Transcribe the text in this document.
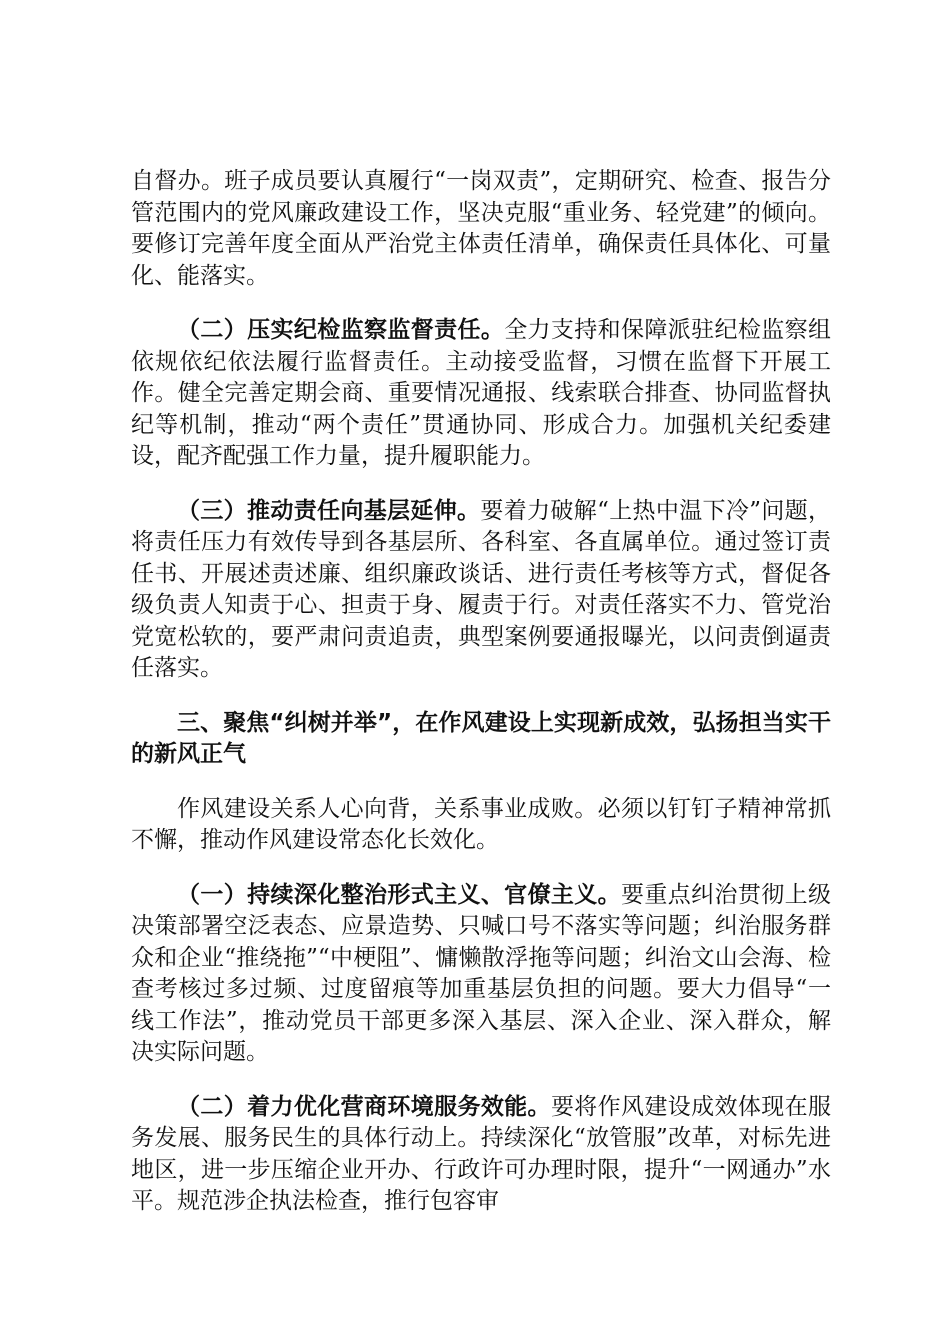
自督办。班子成员要认真履行“一岗双责”，定期研究、检查、报告分管范围内的党风廉政建设工作，坚决克服“重业务、轻党建”的倾向。要修订完善年度全面从严治党主体责任清单，确保责任具体化、可量化、能落实。

（二）压实纪检监察监督责任。全力支持和保障派驻纪检监察组依规依纪依法履行监督责任。主动接受监督，习惯在监督下开展工作。健全完善定期会商、重要情况通报、线索联合排查、协同监督执纪等机制，推动“两个责任”贯通协同、形成合力。加强机关纪委建设，配齐配强工作力量，提升履职能力。

（三）推动责任向基层延伸。要着力破解“上热中温下冷”问题，将责任压力有效传导到各基层所、各科室、各直属单位。通过签订责任书、开展述责述廉、组织廉政谈话、进行责任考核等方式，督促各级负责人知责于心、担责于身、履责于行。对责任落实不力、管党治党宽松软的，要严肃问责追责，典型案例要通报曝光，以问责倒逼责任落实。

三、聚焦“纠树并举”，在作风建设上实现新成效，弘扬担当实干的新风正气

作风建设关系人心向背，关系事业成败。必须以钉钉子精神常抓不懈，推动作风建设常态化长效化。

（一）持续深化整治形式主义、官僚主义。要重点纠治贯彻上级决策部署空泛表态、应景造势、只喊口号不落实等问题；纠治服务群众和企业“推绕拖”“中梗阻”、慵懒散浮拖等问题；纠治文山会海、检查考核过多过频、过度留痕等加重基层负担的问题。要大力倡导“一线工作法”，推动党员干部更多深入基层、深入企业、深入群众，解决实际问题。

（二）着力优化营商环境服务效能。要将作风建设成效体现在服务发展、服务民生的具体行动上。持续深化“放管服”改革，对标先进地区，进一步压缩企业开办、行政许可办理时限，提升“一网通办”水平。规范涉企执法检查，推行包容审
